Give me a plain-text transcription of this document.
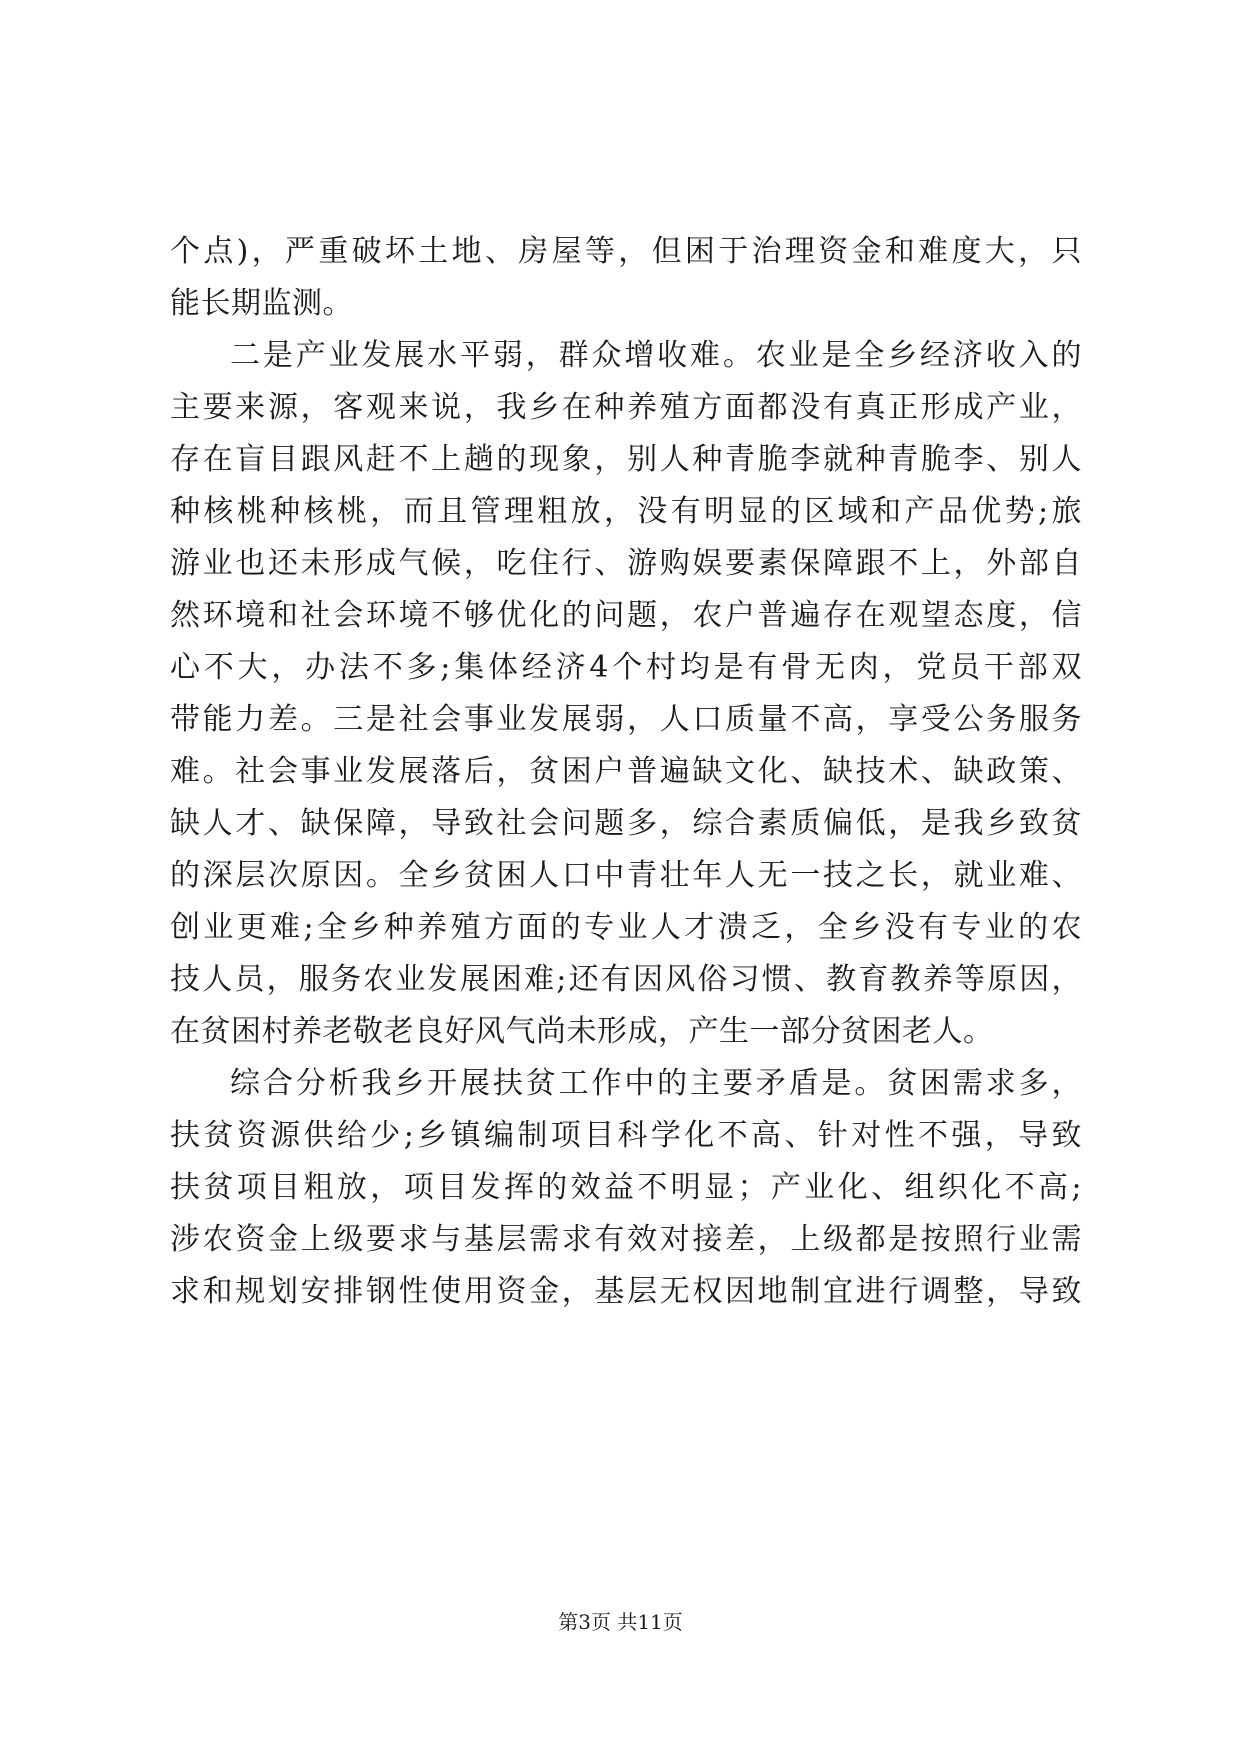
个点)，严重破坏土地、房屋等，但困于治理资金和难度大，只
能长期监测。
二是产业发展水平弱，群众增收难。农业是全乡经济收入的
主要来源，客观来说，我乡在种养殖方面都没有真正形成产业，
存在盲目跟风赶不上趟的现象，别人种青脆李就种青脆李、别人
种核桃种核桃，而且管理粗放，没有明显的区域和产品优势;旅
游业也还未形成气候，吃住行、游购娱要素保障跟不上，外部自
然环境和社会环境不够优化的问题，农户普遍存在观望态度，信
心不大，办法不多;集体经济4个村均是有骨无肉，党员干部双
带能力差。三是社会事业发展弱，人口质量不高，享受公务服务
难。社会事业发展落后，贫困户普遍缺文化、缺技术、缺政策、
缺人才、缺保障，导致社会问题多，综合素质偏低，是我乡致贫
的深层次原因。全乡贫困人口中青壮年人无一技之长，就业难、
创业更难;全乡种养殖方面的专业人才溃乏，全乡没有专业的农
技人员，服务农业发展困难;还有因风俗习惯、教育教养等原因，
在贫困村养老敬老良好风气尚未形成，产生一部分贫困老人。
综合分析我乡开展扶贫工作中的主要矛盾是。贫困需求多，
扶贫资源供给少;乡镇编制项目科学化不高、针对性不强，导致
扶贫项目粗放，项目发挥的效益不明显；产业化、组织化不高;
涉农资金上级要求与基层需求有效对接差，上级都是按照行业需
求和规划安排钢性使用资金，基层无权因地制宜进行调整，导致
第3页 共11页
